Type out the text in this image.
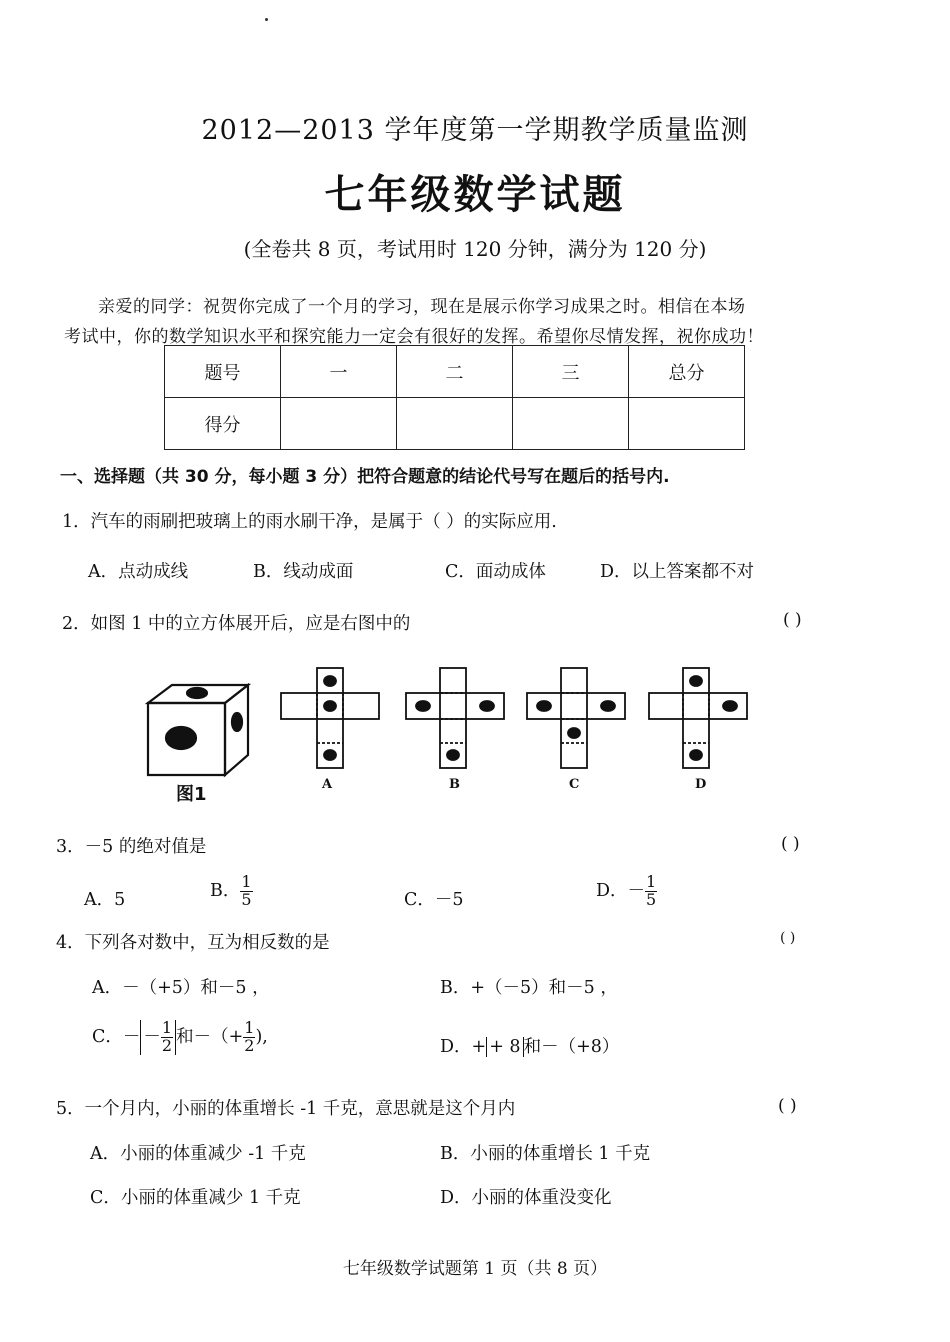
2012—2013 学年度第一学期教学质量监测
七年级数学试题
(全卷共 8 页，考试用时 120 分钟，满分为 120 分)
亲爱的同学：祝贺你完成了一个月的学习，现在是展示你学习成果之时。相信在本场
考试中，你的数学知识水平和探究能力一定会有很好的发挥。希望你尽情发挥，祝你成功！
题号	一	二	三	总分
得分				
一、选择题（共 30 分，每小题 3 分）把符合题意的结论代号写在题后的括号内.
1．汽车的雨刷把玻璃上的雨水刷干净，是属于（ ）的实际应用.
A．点动成线	B．线动成面	C．面动成体	D．以上答案都不对
2．如图 1 中的立方体展开后，应是右图中的	( )
图1	A	B	C	D
3．－5 的绝对值是	( )
A．5	B． $\frac{1}{5}$	C．－5	D．－ $\frac{1}{5}$
4．下列各对数中，互为相反数的是	( )
A．－（+5）和－5 ，	B．+（－5）和－5 ，
C．－ － $\frac{1}{2}$ 和－（+ $\frac{1}{2}$ ),
D．+ + 8 和－（+8）
5．一个月内，小丽的体重增长 -1 千克，意思就是这个月内	( )
A．小丽的体重减少 -1 千克	B．小丽的体重增长 1 千克
C．小丽的体重减少 1 千克	D．小丽的体重没变化
七年级数学试题第 1 页（共 8 页）
